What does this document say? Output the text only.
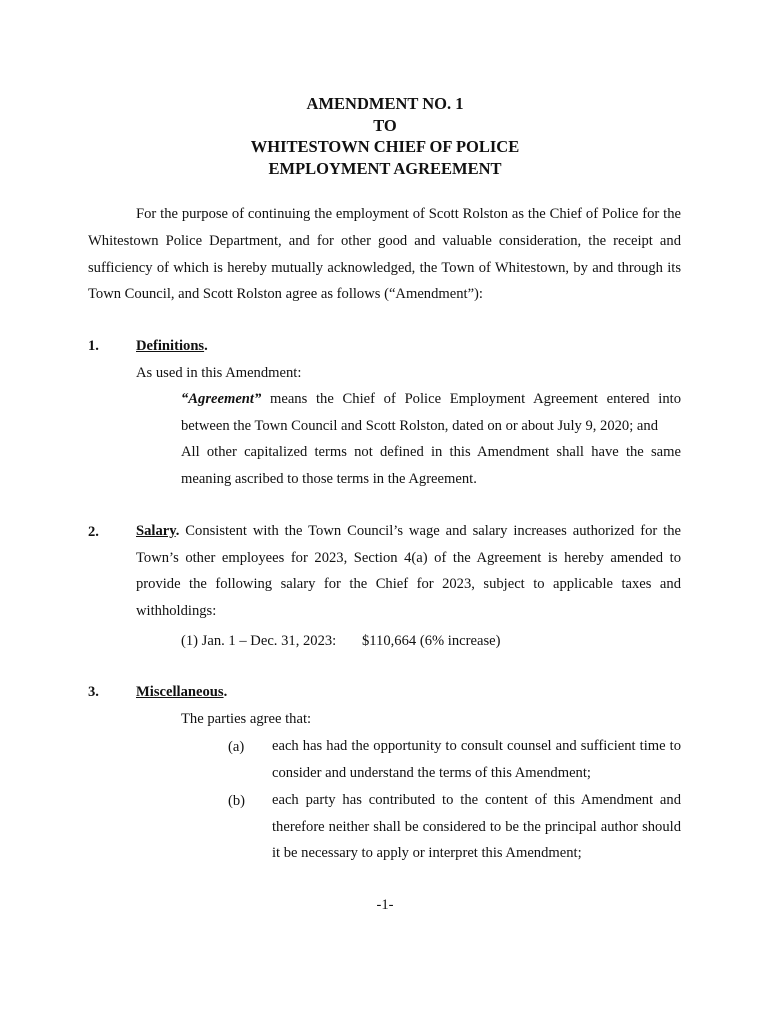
AMENDMENT NO. 1
TO
WHITESTOWN CHIEF OF POLICE
EMPLOYMENT AGREEMENT
For the purpose of continuing the employment of Scott Rolston as the Chief of Police for the Whitestown Police Department, and for other good and valuable consideration, the receipt and sufficiency of which is hereby mutually acknowledged, the Town of Whitestown, by and through its Town Council, and Scott Rolston agree as follows (“Amendment”):
1.	Definitions.
As used in this Amendment:
“Agreement” means the Chief of Police Employment Agreement entered into between the Town Council and Scott Rolston, dated on or about July 9, 2020; and
All other capitalized terms not defined in this Amendment shall have the same meaning ascribed to those terms in the Agreement.
2.	Salary. Consistent with the Town Council’s wage and salary increases authorized for the Town’s other employees for 2023, Section 4(a) of the Agreement is hereby amended to provide the following salary for the Chief for 2023, subject to applicable taxes and withholdings:
(1) Jan. 1 – Dec. 31, 2023: $110,664 (6% increase)
3.	Miscellaneous.
The parties agree that:
(a) each has had the opportunity to consult counsel and sufficient time to consider and understand the terms of this Amendment;
(b) each party has contributed to the content of this Amendment and therefore neither shall be considered to be the principal author should it be necessary to apply or interpret this Amendment;
-1-
